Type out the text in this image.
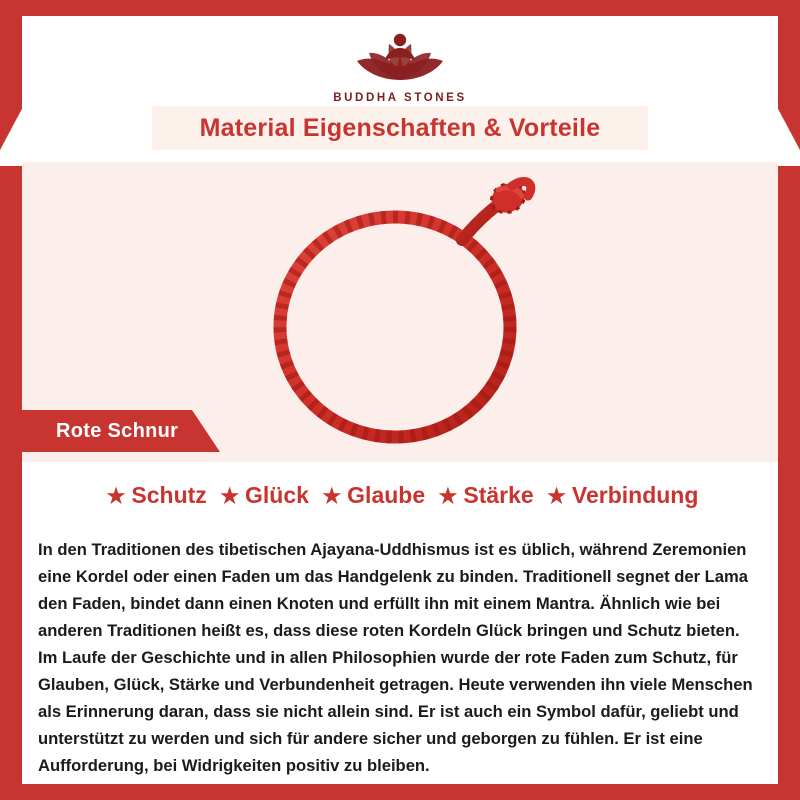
BUDDHA STONES
Material Eigenschaften & Vorteile
Rote Schnur
★ Schutz ★ Glück ★ Glaube ★ Stärke ★ Verbindung
In den Traditionen des tibetischen Ajayana-Uddhismus ist es üblich, während Zeremonien eine Kordel oder einen Faden um das Handgelenk zu binden. Traditionell segnet der Lama den Faden, bindet dann einen Knoten und erfüllt ihn mit einem Mantra. Ähnlich wie bei anderen Traditionen heißt es, dass diese roten Kordeln Glück bringen und Schutz bieten. Im Laufe der Geschichte und in allen Philosophien wurde der rote Faden zum Schutz, für Glauben, Glück, Stärke und Verbundenheit getragen. Heute verwenden ihn viele Menschen als Erinnerung daran, dass sie nicht allein sind. Er ist auch ein Symbol dafür, geliebt und unterstützt zu werden und sich für andere sicher und geborgen zu fühlen. Er ist eine Aufforderung, bei Widrigkeiten positiv zu bleiben.
